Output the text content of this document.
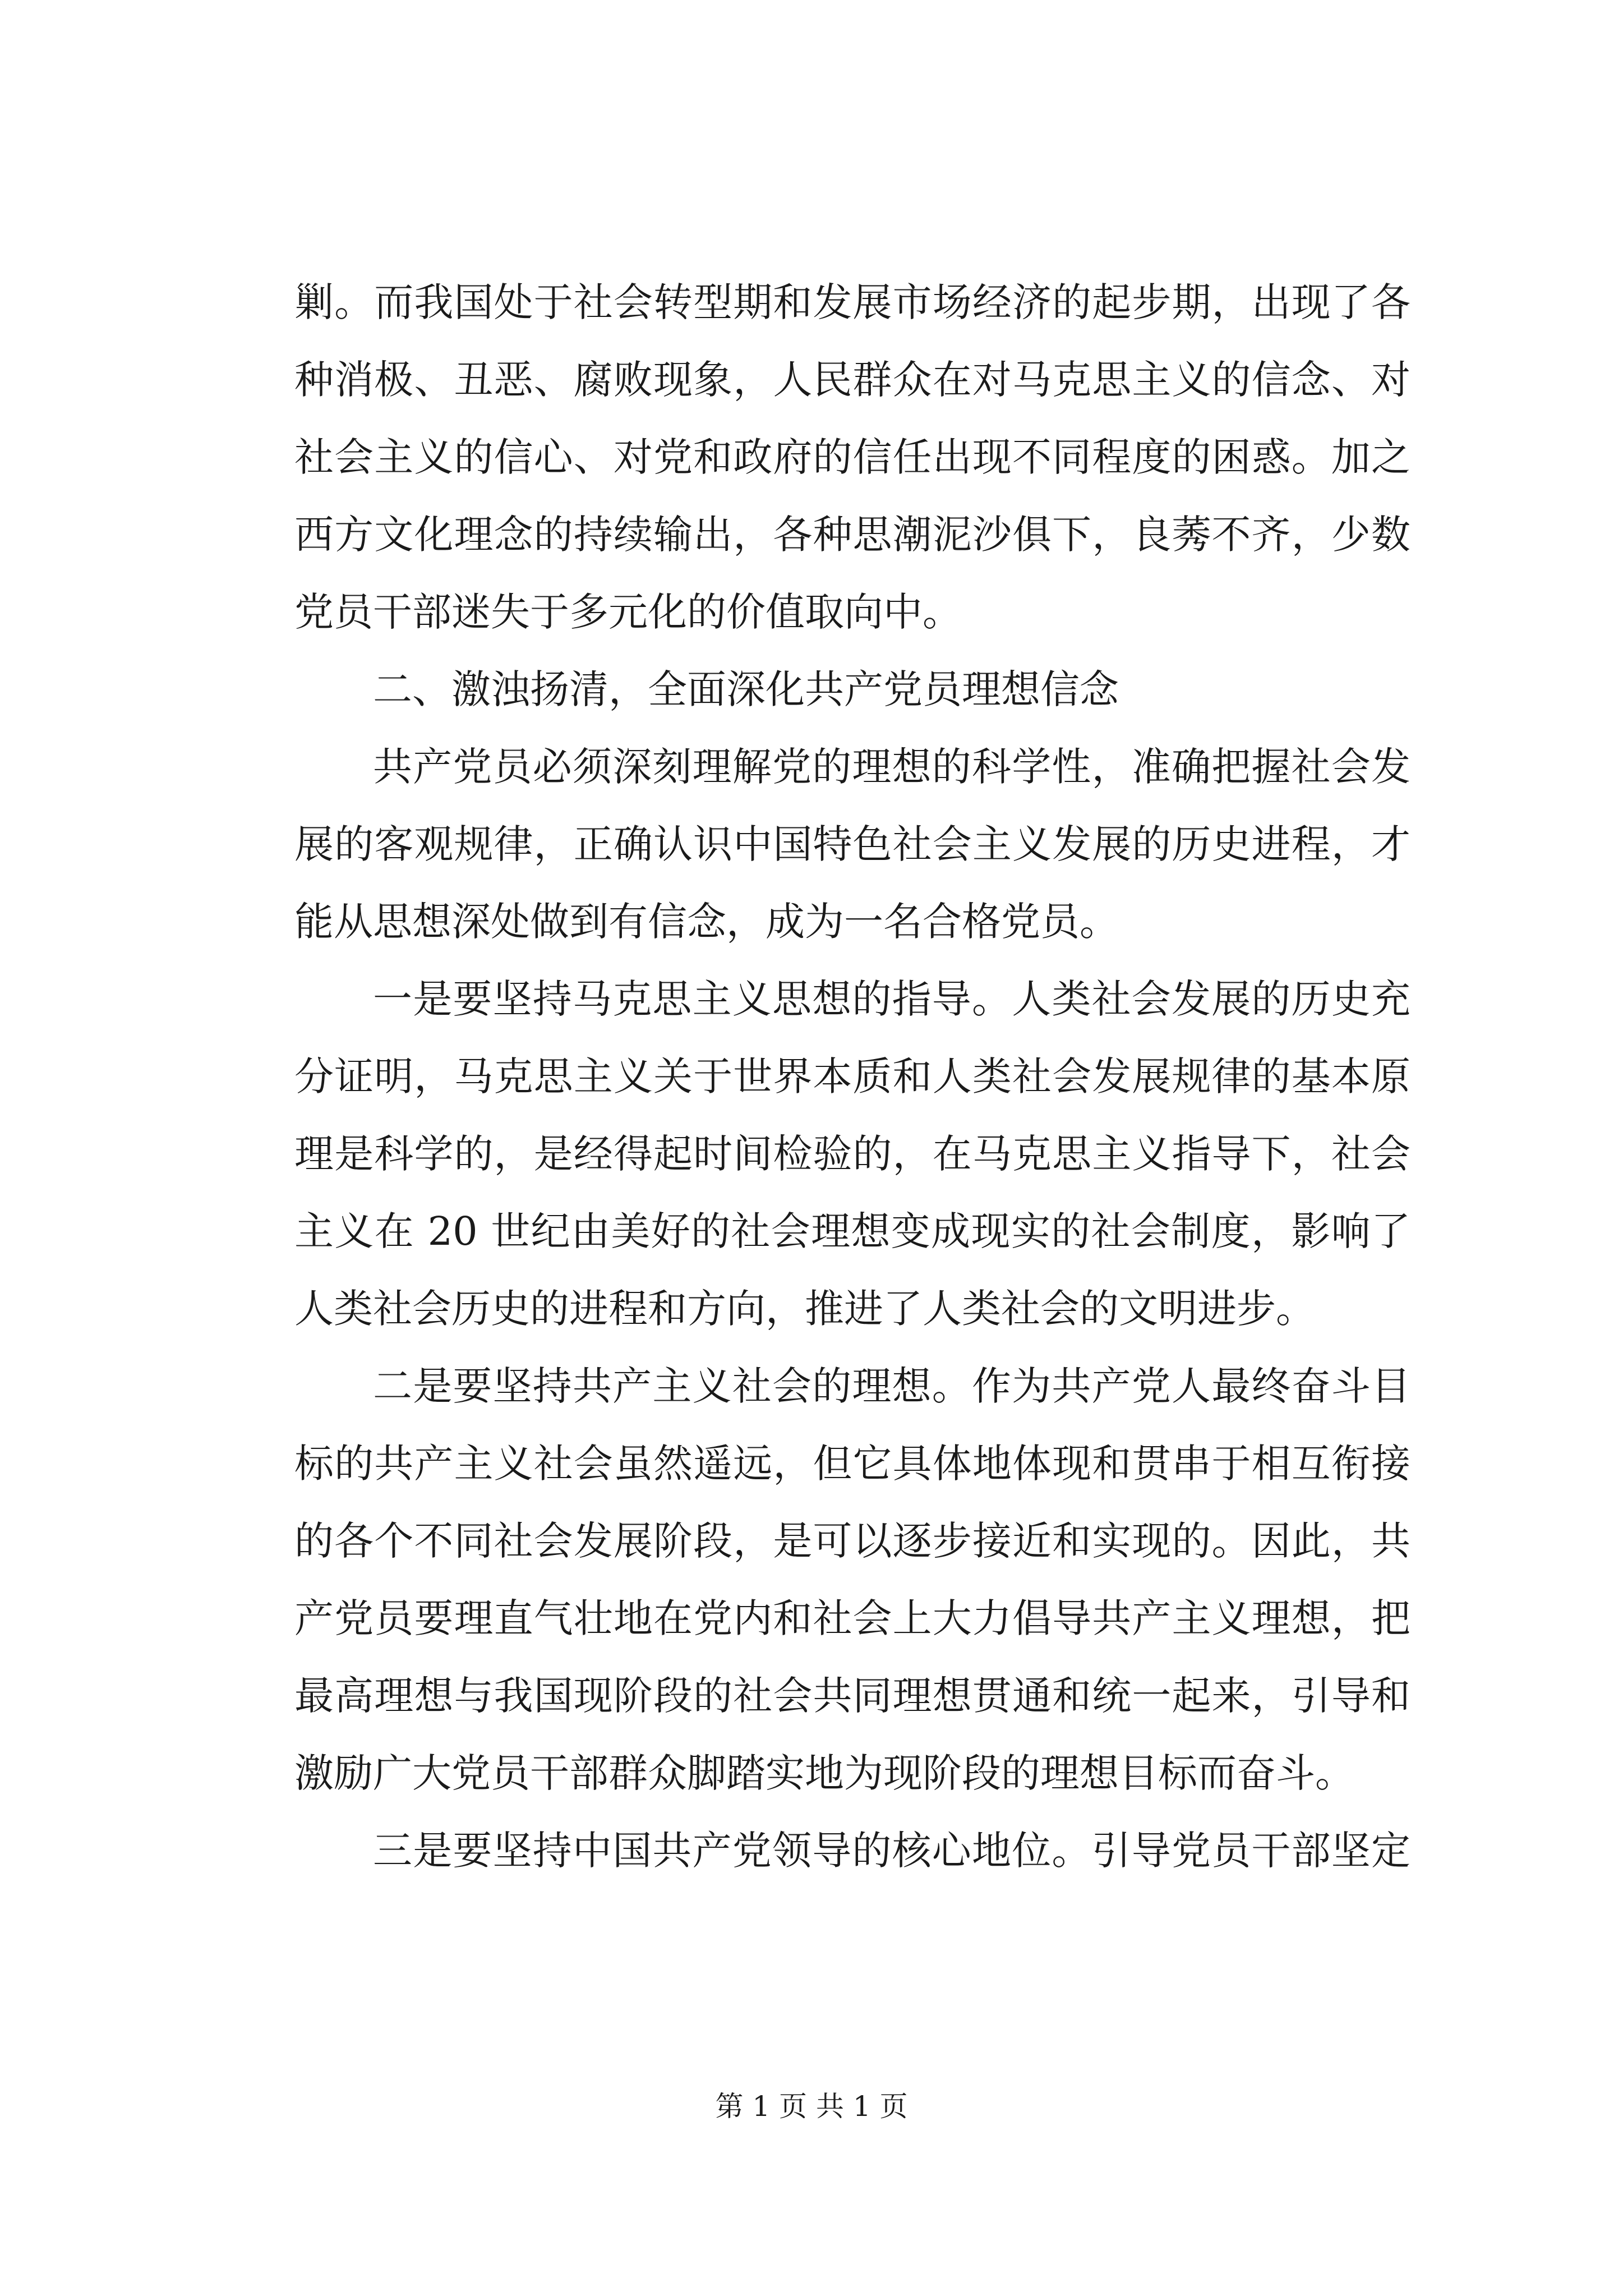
剿。而我国处于社会转型期和发展市场经济的起步期，出现了各
种消极、丑恶、腐败现象，人民群众在对马克思主义的信念、对
社会主义的信心、对党和政府的信任出现不同程度的困惑。加之
西方文化理念的持续输出，各种思潮泥沙俱下，良莠不齐，少数
党员干部迷失于多元化的价值取向中。
二、激浊扬清，全面深化共产党员理想信念
共产党员必须深刻理解党的理想的科学性，准确把握社会发
展的客观规律，正确认识中国特色社会主义发展的历史进程，才
能从思想深处做到有信念，成为一名合格党员。
一是要坚持马克思主义思想的指导。人类社会发展的历史充
分证明，马克思主义关于世界本质和人类社会发展规律的基本原
理是科学的，是经得起时间检验的，在马克思主义指导下，社会
主义在 20 世纪由美好的社会理想变成现实的社会制度，影响了
人类社会历史的进程和方向，推进了人类社会的文明进步。
二是要坚持共产主义社会的理想。作为共产党人最终奋斗目
标的共产主义社会虽然遥远，但它具体地体现和贯串于相互衔接
的各个不同社会发展阶段，是可以逐步接近和实现的。因此，共
产党员要理直气壮地在党内和社会上大力倡导共产主义理想，把
最高理想与我国现阶段的社会共同理想贯通和统一起来，引导和
激励广大党员干部群众脚踏实地为现阶段的理想目标而奋斗。
三是要坚持中国共产党领导的核心地位。引导党员干部坚定
第 1 页 共 1 页
